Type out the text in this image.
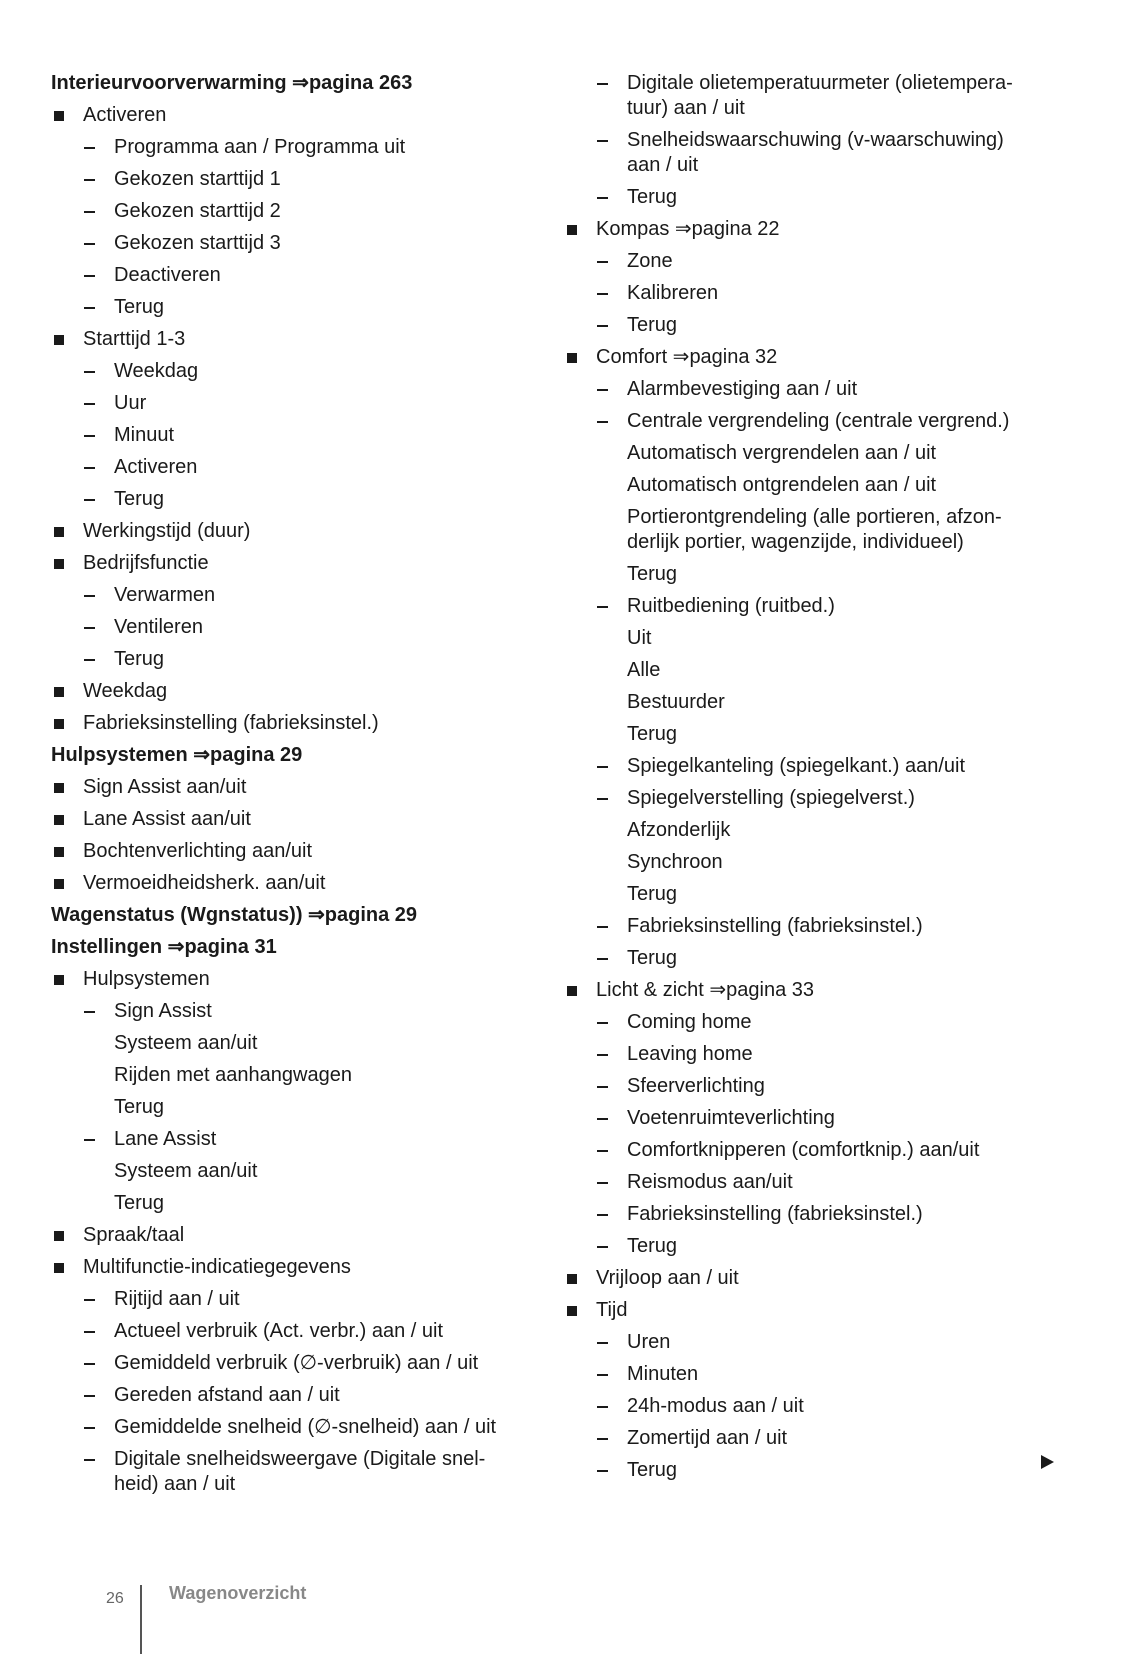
Interieurvoorverwarming ⇒pagina 263
Activeren
Programma aan / Programma uit
Gekozen starttijd 1
Gekozen starttijd 2
Gekozen starttijd 3
Deactiveren
Terug
Starttijd 1-3
Weekdag
Uur
Minuut
Activeren
Terug
Werkingstijd (duur)
Bedrijfsfunctie
Verwarmen
Ventileren
Terug
Weekdag
Fabrieksinstelling (fabrieksinstel.)
Hulpsystemen ⇒pagina 29
Sign Assist aan/uit
Lane Assist aan/uit
Bochtenverlichting aan/uit
Vermoeidheidsherk. aan/uit
Wagenstatus (Wgnstatus)) ⇒pagina 29
Instellingen ⇒pagina 31
Hulpsystemen
Sign Assist
Systeem aan/uit
Rijden met aanhangwagen
Terug
Lane Assist
Systeem aan/uit
Terug
Spraak/taal
Multifunctie-indicatiegegevens
Rijtijd aan / uit
Actueel verbruik (Act. verbr.) aan / uit
Gemiddeld verbruik (∅-verbruik) aan / uit
Gereden afstand aan / uit
Gemiddelde snelheid (∅-snelheid) aan / uit
Digitale snelheidsweergave (Digitale snel-
heid) aan / uit
Digitale olietemperatuurmeter (olietempera-
tuur) aan / uit
Snelheidswaarschuwing (v-waarschuwing)
aan / uit
Terug
Kompas ⇒pagina 22
Zone
Kalibreren
Terug
Comfort ⇒pagina 32
Alarmbevestiging aan / uit
Centrale vergrendeling (centrale vergrend.)
Automatisch vergrendelen aan / uit
Automatisch ontgrendelen aan / uit
Portierontgrendeling (alle portieren, afzon-
derlijk portier, wagenzijde, individueel)
Terug
Ruitbediening (ruitbed.)
Uit
Alle
Bestuurder
Terug
Spiegelkanteling (spiegelkant.) aan/uit
Spiegelverstelling (spiegelverst.)
Afzonderlijk
Synchroon
Terug
Fabrieksinstelling (fabrieksinstel.)
Terug
Licht & zicht ⇒pagina 33
Coming home
Leaving home
Sfeerverlichting
Voetenruimteverlichting
Comfortknipperen (comfortknip.) aan/uit
Reismodus aan/uit
Fabrieksinstelling (fabrieksinstel.)
Terug
Vrijloop aan / uit
Tijd
Uren
Minuten
24h-modus aan / uit
Zomertijd aan / uit
Terug
26	Wagenoverzicht
